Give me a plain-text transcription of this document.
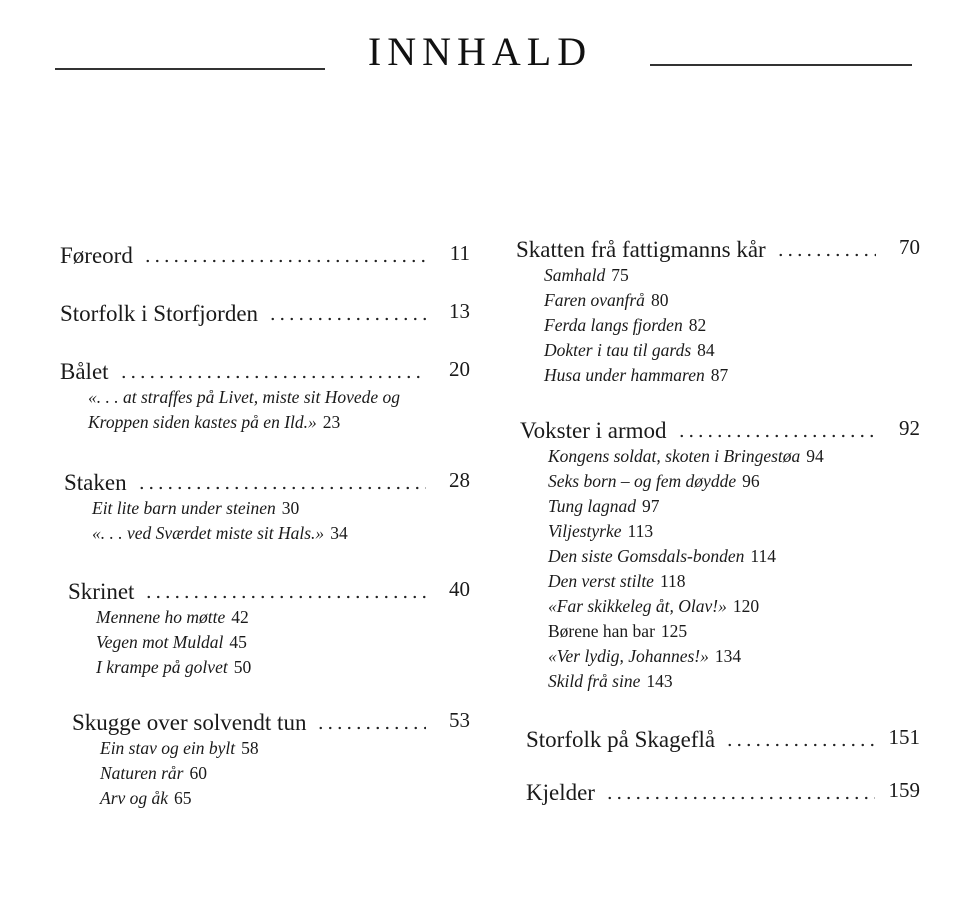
INNHALD
Føreord	11
Storfolk i Storfjorden	13
Bålet	20
«. . . at straffes på Livet, miste sit Hovede og Kroppen siden kastes på en Ild.» 23
Staken	28
Eit lite barn under steinen 30
«. . . ved Sværdet miste sit Hals.» 34
Skrinet	40
Mennene ho møtte 42
Vegen mot Muldal 45
I krampe på golvet 50
Skugge over solvendt tun	53
Ein stav og ein bylt 58
Naturen rår 60
Arv og åk 65
Skatten frå fattigmanns kår	70
Samhald 75
Faren ovanfrå 80
Ferda langs fjorden 82
Dokter i tau til gards 84
Husa under hammaren 87
Vokster i armod	92
Kongens soldat, skoten i Bringestøa 94
Seks born – og fem døydde 96
Tung lagnad 97
Viljestyrke 113
Den siste Gomsdals-bonden 114
Den verst stilte 118
«Far skikkeleg åt, Olav!» 120
Børene han bar 125
«Ver lydig, Johannes!» 134
Skild frå sine 143
Storfolk på Skageflå	151
Kjelder	159
